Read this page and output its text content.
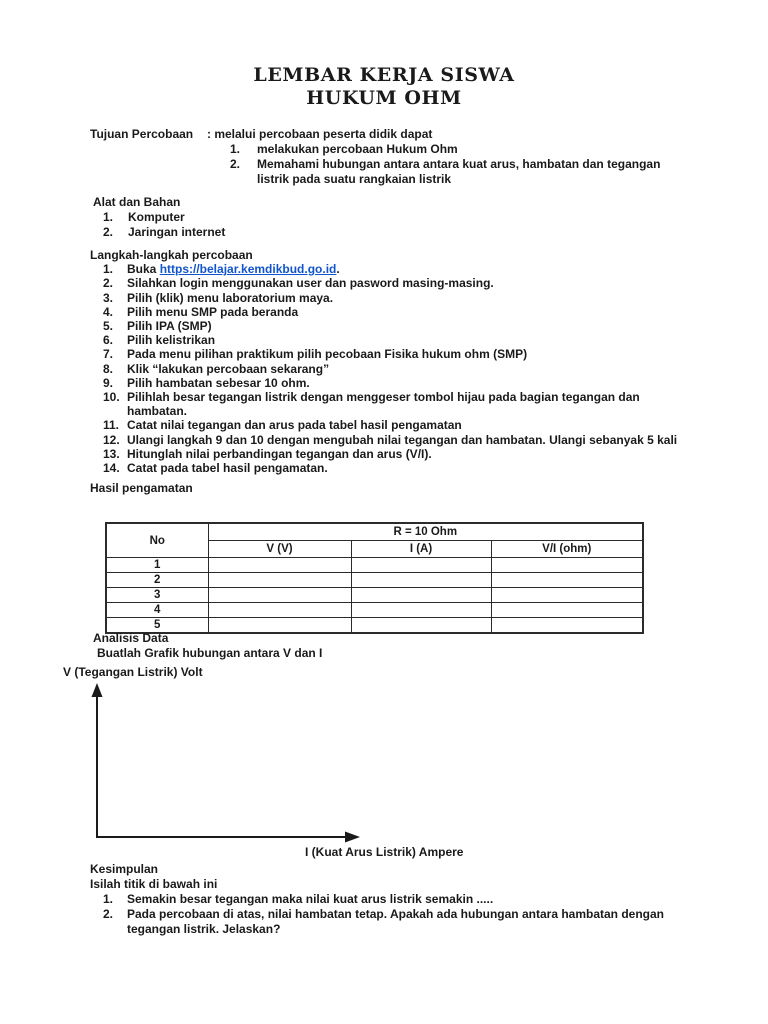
LEMBAR KERJA SISWA
HUKUM OHM
Tujuan Percobaan	: melalui percobaan peserta didik dapat
1.	melakukan percobaan Hukum Ohm
2.	Memahami hubungan antara antara kuat arus, hambatan dan tegangan
listrik pada suatu rangkaian listrik
Alat dan Bahan
1.	Komputer
2.	Jaringan internet
Langkah-langkah percobaan
1.	Buka https://belajar.kemdikbud.go.id.
2.	Silahkan login menggunakan user dan pasword masing-masing.
3.	Pilih (klik) menu laboratorium maya.
4.	Pilih menu SMP pada beranda
5.	Pilih IPA (SMP)
6.	Pilih kelistrikan
7.	Pada menu pilihan praktikum pilih pecobaan Fisika hukum ohm (SMP)
8.	Klik “lakukan percobaan sekarang”
9.	Pilih hambatan sebesar 10 ohm.
10. Pilihlah besar tegangan listrik dengan menggeser tombol hijau pada bagian tegangan dan
hambatan.
11. Catat nilai tegangan dan arus pada tabel hasil pengamatan
12. Ulangi langkah 9 dan 10 dengan mengubah nilai tegangan dan hambatan. Ulangi sebanyak 5 kali
13. Hitunglah nilai perbandingan tegangan dan arus (V/I).
14. Catat pada tabel hasil pengamatan.
Hasil pengamatan
No	R = 10 Ohm		
	V (V)	I (A)	V/I (ohm)
1			
2			
3			
4			
5			
Analisis Data
Buatlah Grafik hubungan antara V dan I
V (Tegangan Listrik) Volt
I (Kuat Arus Listrik) Ampere
Kesimpulan
Isilah titik di bawah ini
1.	Semakin besar tegangan maka nilai kuat arus listrik semakin .....
2.	Pada percobaan di atas, nilai hambatan tetap. Apakah ada hubungan antara hambatan dengan
tegangan listrik. Jelaskan?
